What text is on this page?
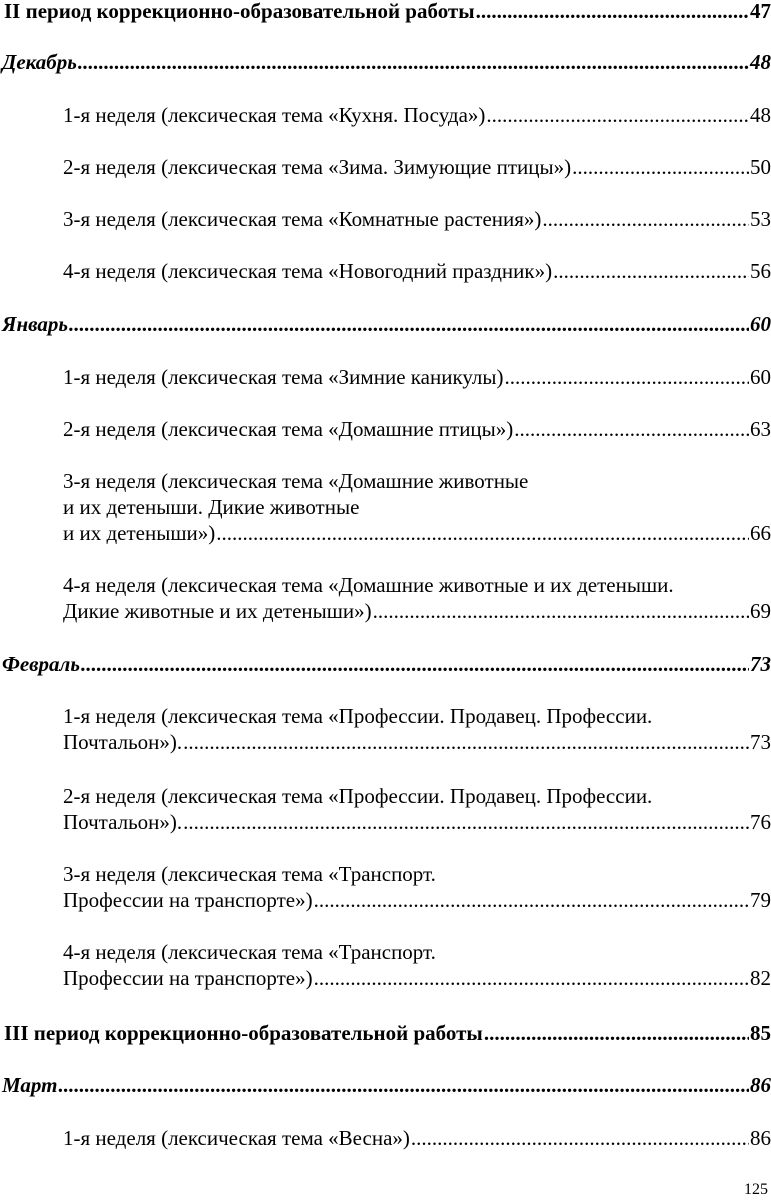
II период коррекционно-образовательной работы .....	47
Декабрь .....	48
1-я неделя (лексическая тема «Кухня. Посуда») .....	48
2-я неделя (лексическая тема «Зима. Зимующие птицы») .....	50
3-я неделя (лексическая тема «Комнатные растения») .....	53
4-я неделя (лексическая тема «Новогодний праздник») .....	56
Январь .....	60
1-я неделя (лексическая тема «Зимние каникулы) .....	60
2-я неделя (лексическая тема «Домашние птицы») .....	63
3-я неделя (лексическая тема «Домашние животные
и их детеныши. Дикие животные
и их детеныши») .....	66
4-я неделя (лексическая тема «Домашние животные и их детеныши.
Дикие животные и их детеныши») .....	69
Февраль .....	73
1-я неделя (лексическая тема «Профессии. Продавец. Профессии.
Почтальон»). .....	73
2-я неделя (лексическая тема «Профессии. Продавец. Профессии.
Почтальон»). .....	76
3-я неделя (лексическая тема «Транспорт.
Профессии на транспорте») .....	79
4-я неделя (лексическая тема «Транспорт.
Профессии на транспорте») .....	82
III период коррекционно-образовательной работы .....	85
Март .....	86
1-я неделя (лексическая тема «Весна») .....	86
125
